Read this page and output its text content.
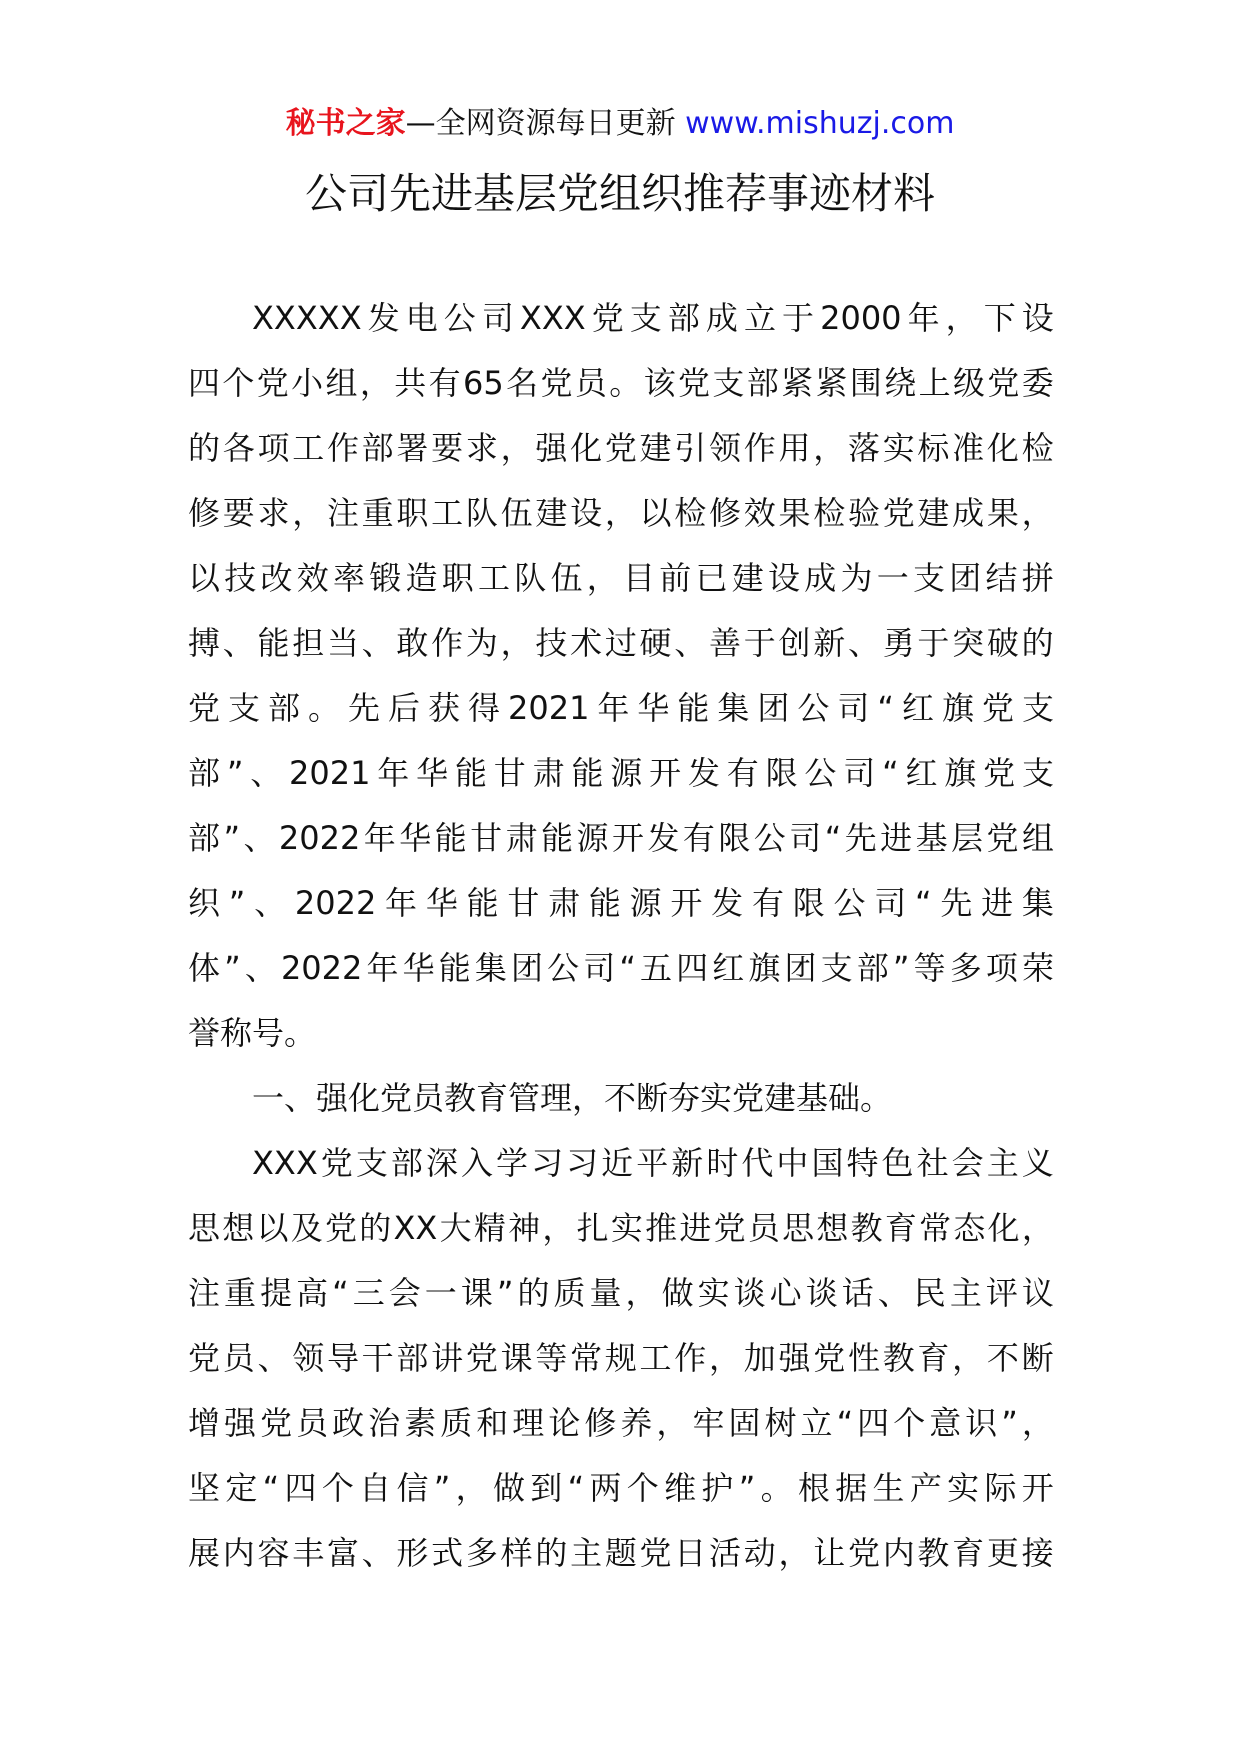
秘书之家—全网资源每日更新 www.mishuzj.com
公司先进基层党组织推荐事迹材料
XXXXX 发 电 公 司 XXX 党 支 部 成 立 于 2000 年 ， 下 设
四 个 党 小 组 ， 共 有 65 名 党 员 。 该 党 支 部 紧 紧 围 绕 上 级 党 委
的 各 项 工 作 部 署 要 求 ， 强 化 党 建 引 领 作 用 ， 落 实 标 准 化 检
修 要 求 ， 注 重 职 工 队 伍 建 设 ， 以 检 修 效 果 检 验 党 建 成 果 ，
以 技 改 效 率 锻 造 职 工 队 伍 ， 目 前 已 建 设 成 为 一 支 团 结 拼
搏 、 能 担 当 、 敢 作 为 ， 技 术 过 硬 、 善 于 创 新 、 勇 于 突 破 的
党 支 部 。 先 后 获 得 2021 年 华 能 集 团 公 司 “ 红 旗 党 支
部 ” 、 2021 年 华 能 甘 肃 能 源 开 发 有 限 公 司 “ 红 旗 党 支
部 ” 、 2022 年 华 能 甘 肃 能 源 开 发 有 限 公 司 “ 先 进 基 层 党 组
织 ” 、 2022 年 华 能 甘 肃 能 源 开 发 有 限 公 司 “ 先 进 集
体 ” 、 2022 年 华 能 集 团 公 司 “ 五 四 红 旗 团 支 部 ” 等 多 项 荣
誉称号。
一、强化党员教育管理，不断夯实党建基础。
XXX 党 支 部 深 入 学 习 习 近 平 新 时 代 中 国 特 色 社 会 主 义
思 想 以 及 党 的 XX 大 精 神 ， 扎 实 推 进 党 员 思 想 教 育 常 态 化 ，
注 重 提 高 “ 三 会 一 课 ” 的 质 量 ， 做 实 谈 心 谈 话 、 民 主 评 议
党 员 、 领 导 干 部 讲 党 课 等 常 规 工 作 ， 加 强 党 性 教 育 ， 不 断
增 强 党 员 政 治 素 质 和 理 论 修 养 ， 牢 固 树 立 “ 四 个 意 识 ” ，
坚 定 “ 四 个 自 信 ” ， 做 到 “ 两 个 维 护 ” 。 根 据 生 产 实 际 开
展 内 容 丰 富 、 形 式 多 样 的 主 题 党 日 活 动 ， 让 党 内 教 育 更 接
